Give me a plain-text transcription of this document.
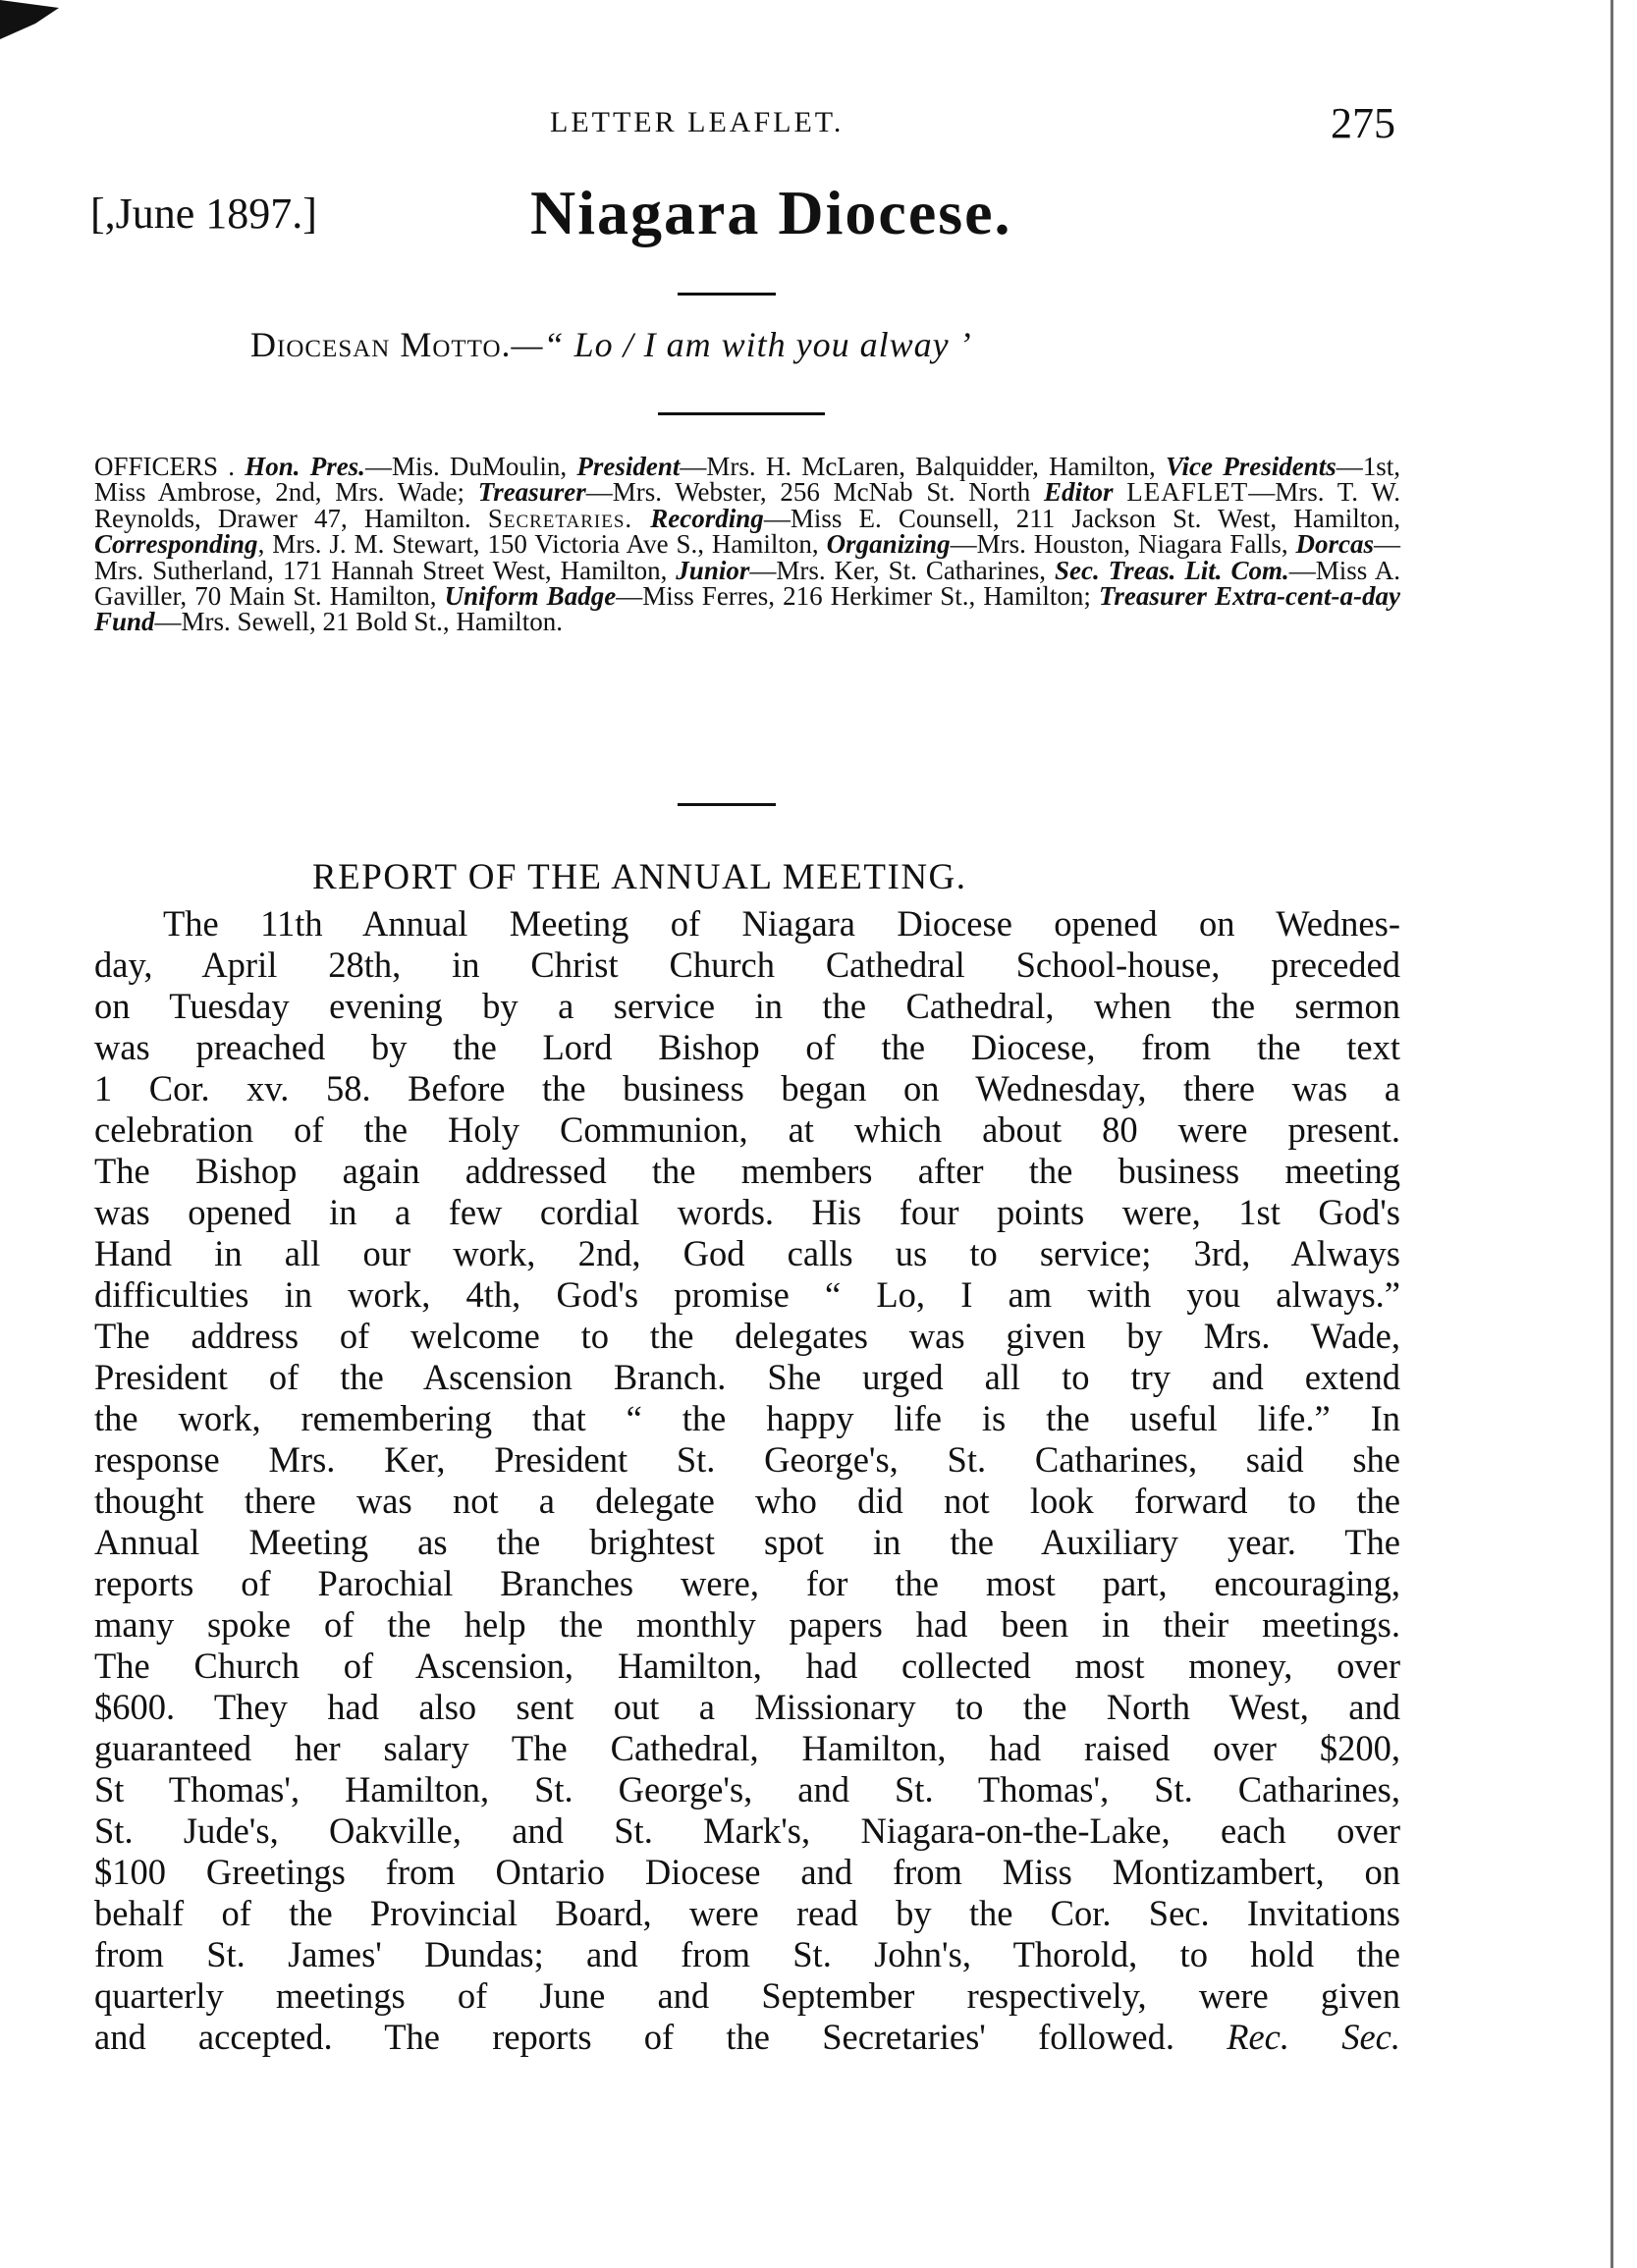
LETTER LEAFLET.	275
[,June 1897.]	Niagara Diocese.
Diocesan Motto.—“ Lo / I am with you alway ’

OFFICERS . Hon. Pres.—Mis. DuMoulin, President—Mrs. H. McLaren, Balquidder, Hamilton, Vice Presidents—1st, Miss Ambrose, 2nd, Mrs. Wade; Treasurer—Mrs. Webster, 256 McNab St. North Editor LEAFLET—Mrs. T. W. Reynolds, Drawer 47, Hamilton. Secretaries. Recording—Miss E. Counsell, 211 Jackson St. West, Hamilton, Corresponding, Mrs. J. M. Stewart, 150 Victoria Ave S., Hamilton, Organizing—Mrs. Houston, Niagara Falls, Dorcas—Mrs. Sutherland, 171 Hannah Street West, Hamilton, Junior—Mrs. Ker, St. Catharines, Sec. Treas. Lit. Com.—Miss A. Gaviller, 70 Main St. Hamilton, Uniform Badge—Miss Ferres, 216 Herkimer St., Hamilton; Treasurer Extra-cent-a-day Fund—Mrs. Sewell, 21 Bold St., Hamilton.

REPORT OF THE ANNUAL MEETING.

The 11th Annual Meeting of Niagara Diocese opened on Wednes-
day, April 28th, in Christ Church Cathedral School-house, preceded
on Tuesday evening by a service in the Cathedral, when the sermon
was preached by the Lord Bishop of the Diocese, from the text
1 Cor. xv. 58. Before the business began on Wednesday, there was a
celebration of the Holy Communion, at which about 80 were present.
The Bishop again addressed the members after the business meeting
was opened in a few cordial words. His four points were, 1st God's
Hand in all our work, 2nd, God calls us to service; 3rd, Always
difficulties in work, 4th, God's promise “ Lo, I am with you always.”
The address of welcome to the delegates was given by Mrs. Wade,
President of the Ascension Branch. She urged all to try and extend
the work, remembering that “ the happy life is the useful life.” In
response Mrs. Ker, President St. George's, St. Catharines, said she
thought there was not a delegate who did not look forward to the
Annual Meeting as the brightest spot in the Auxiliary year. The
reports of Parochial Branches were, for the most part, encouraging,
many spoke of the help the monthly papers had been in their meetings.
The Church of Ascension, Hamilton, had collected most money, over
$600. They had also sent out a Missionary to the North West, and
guaranteed her salary The Cathedral, Hamilton, had raised over $200,
St Thomas', Hamilton, St. George's, and St. Thomas', St. Catharines,
St. Jude's, Oakville, and St. Mark's, Niagara-on-the-Lake, each over
$100 Greetings from Ontario Diocese and from Miss Montizambert, on
behalf of the Provincial Board, were read by the Cor. Sec. Invitations
from St. James' Dundas; and from St. John's, Thorold, to hold the
quarterly meetings of June and September respectively, were given
and accepted. The reports of the Secretaries' followed. Rec. Sec.
